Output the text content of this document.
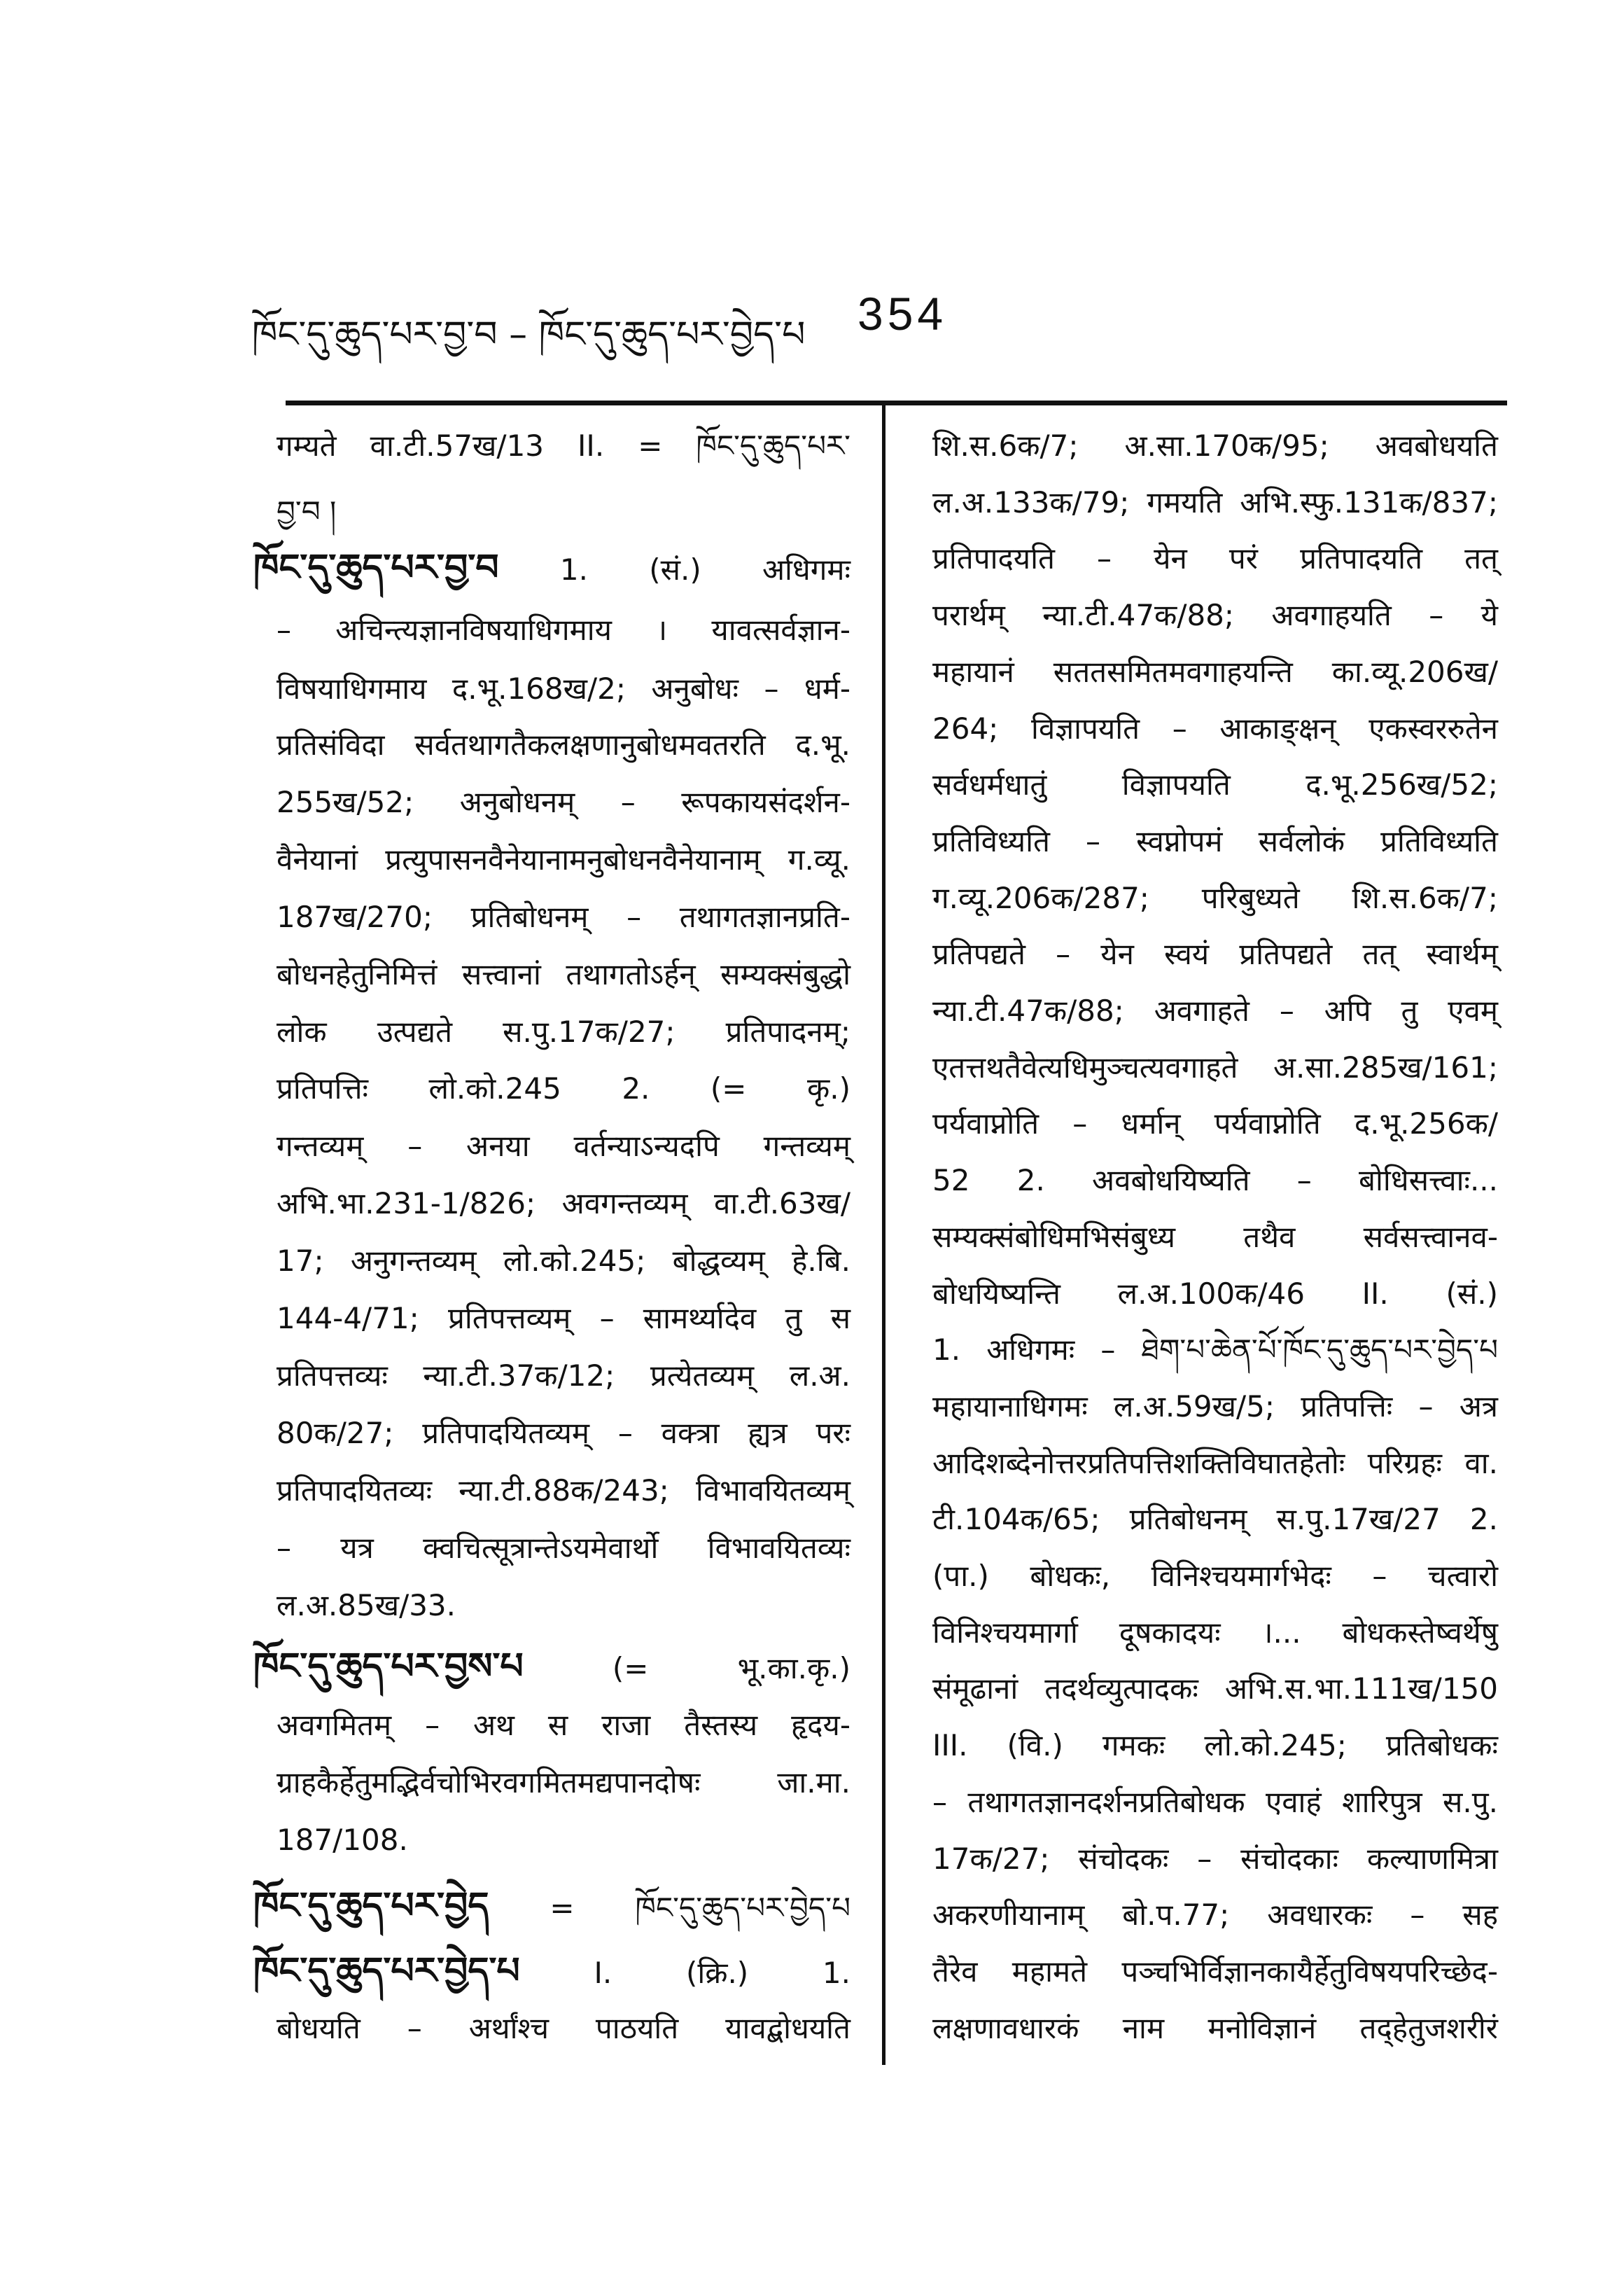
ཁོང་དུ་ཆུད་པར་བྱ་བ – ཁོང་དུ་ཆུད་པར་བྱེད་པ 354
गम्यते वा.टी.57ख/13 II. = ཁོང་དུ་ཆུད་པར་
བྱ་བ །
ཁོང་དུ་ཆུད་པར་བྱ་བ 1. (सं.) अधिगमः
– अचिन्त्यज्ञानविषयाधिगमाय । यावत्सर्वज्ञान-
विषयाधिगमाय द.भू.168ख/2; अनुबोधः – धर्म-
प्रतिसंविदा सर्वतथागतैकलक्षणानुबोधमवतरति द.भू.
255ख/52; अनुबोधनम् – रूपकायसंदर्शन-
वैनेयानां प्रत्युपासनवैनेयानामनुबोधनवैनेयानाम् ग.व्यू.
187ख/270; प्रतिबोधनम् – तथागतज्ञानप्रति-
बोधनहेतुनिमित्तं सत्त्वानां तथागतोऽर्हन् सम्यक्संबुद्धो
लोक उत्पद्यते स.पु.17क/27; प्रतिपादनम्;
प्रतिपत्तिः लो.को.245 2. (= कृ.)
गन्तव्यम् – अनया वर्तन्याऽन्यदपि गन्तव्यम्
अभि.भा.231-1/826; अवगन्तव्यम् वा.टी.63ख/
17; अनुगन्तव्यम् लो.को.245; बोद्धव्यम् हे.बि.
144-4/71; प्रतिपत्तव्यम् – सामर्थ्यादेव तु स
प्रतिपत्तव्यः न्या.टी.37क/12; प्रत्येतव्यम् ल.अ.
80क/27; प्रतिपादयितव्यम् – वक्त्रा ह्यत्र परः
प्रतिपादयितव्यः न्या.टी.88क/243; विभावयितव्यम्
– यत्र क्वचित्सूत्रान्तेऽयमेवार्थो विभावयितव्यः
ल.अ.85ख/33.
ཁོང་དུ་ཆུད་པར་བྱས་པ	(= भू.का.कृ.)
अवगमितम् – अथ स राजा तैस्तस्य हृदय-
ग्राहकैर्हेतुमद्भिर्वचोभिरवगमितमद्यपानदोषः जा.मा.
187/108.
ཁོང་དུ་ཆུད་པར་བྱེད = ཁོང་དུ་ཆུད་པར་བྱེད་པ
ཁོང་དུ་ཆུད་པར་བྱེད་པ	I. (क्रि.) 1.
बोधयति – अर्थांश्च पाठयति यावद्बोधयति
शि.स.6क/7; अ.सा.170क/95; अवबोधयति
ल.अ.133क/79; गमयति अभि.स्फु.131क/837;
प्रतिपादयति – येन परं प्रतिपादयति तत्
परार्थम् न्या.टी.47क/88; अवगाहयति – ये
महायानं सततसमितमवगाहयन्ति का.व्यू.206ख/
264; विज्ञापयति – आकाङ्क्षन् एकस्वररुतेन
सर्वधर्मधातुं विज्ञापयति द.भू.256ख/52;
प्रतिविध्यति – स्वप्नोपमं सर्वलोकं प्रतिविध्यति
ग.व्यू.206क/287; परिबुध्यते शि.स.6क/7;
प्रतिपद्यते – येन स्वयं प्रतिपद्यते तत् स्वार्थम्
न्या.टी.47क/88; अवगाहते – अपि तु एवम्
एतत्तथतैवेत्यधिमुञ्चत्यवगाहते अ.सा.285ख/161;
पर्यवाप्नोति – धर्मान् पर्यवाप्नोति द.भू.256क/
52 2. अवबोधयिष्यति – बोधिसत्त्वाः...
सम्यक्संबोधिमभिसंबुध्य तथैव सर्वसत्त्वानव-
बोधयिष्यन्ति ल.अ.100क/46 II. (सं.)
1. अधिगमः – ཐེག་པ་ཆེན་པོ་ཁོང་དུ་ཆུད་པར་བྱེད་པ
महायानाधिगमः ल.अ.59ख/5; प्रतिपत्तिः – अत्र
आदिशब्देनोत्तरप्रतिपत्तिशक्तिविघातहेतोः परिग्रहः वा.
टी.104क/65; प्रतिबोधनम् स.पु.17ख/27 2.
(पा.) बोधकः, विनिश्चयमार्गभेदः – चत्वारो
विनिश्चयमार्गा दूषकादयः ।... बोधकस्तेष्वर्थेषु
संमूढानां तदर्थव्युत्पादकः अभि.स.भा.111ख/150
III. (वि.) गमकः लो.को.245; प्रतिबोधकः
– तथागतज्ञानदर्शनप्रतिबोधक एवाहं शारिपुत्र स.पु.
17क/27; संचोदकः – संचोदकाः कल्याणमित्रा
अकरणीयानाम् बो.प.77; अवधारकः – सह
तैरेव महामते पञ्चभिर्विज्ञानकायैर्हेतुविषयपरिच्छेद-
लक्षणावधारकं नाम मनोविज्ञानं तद्हेतुजशरीरं
